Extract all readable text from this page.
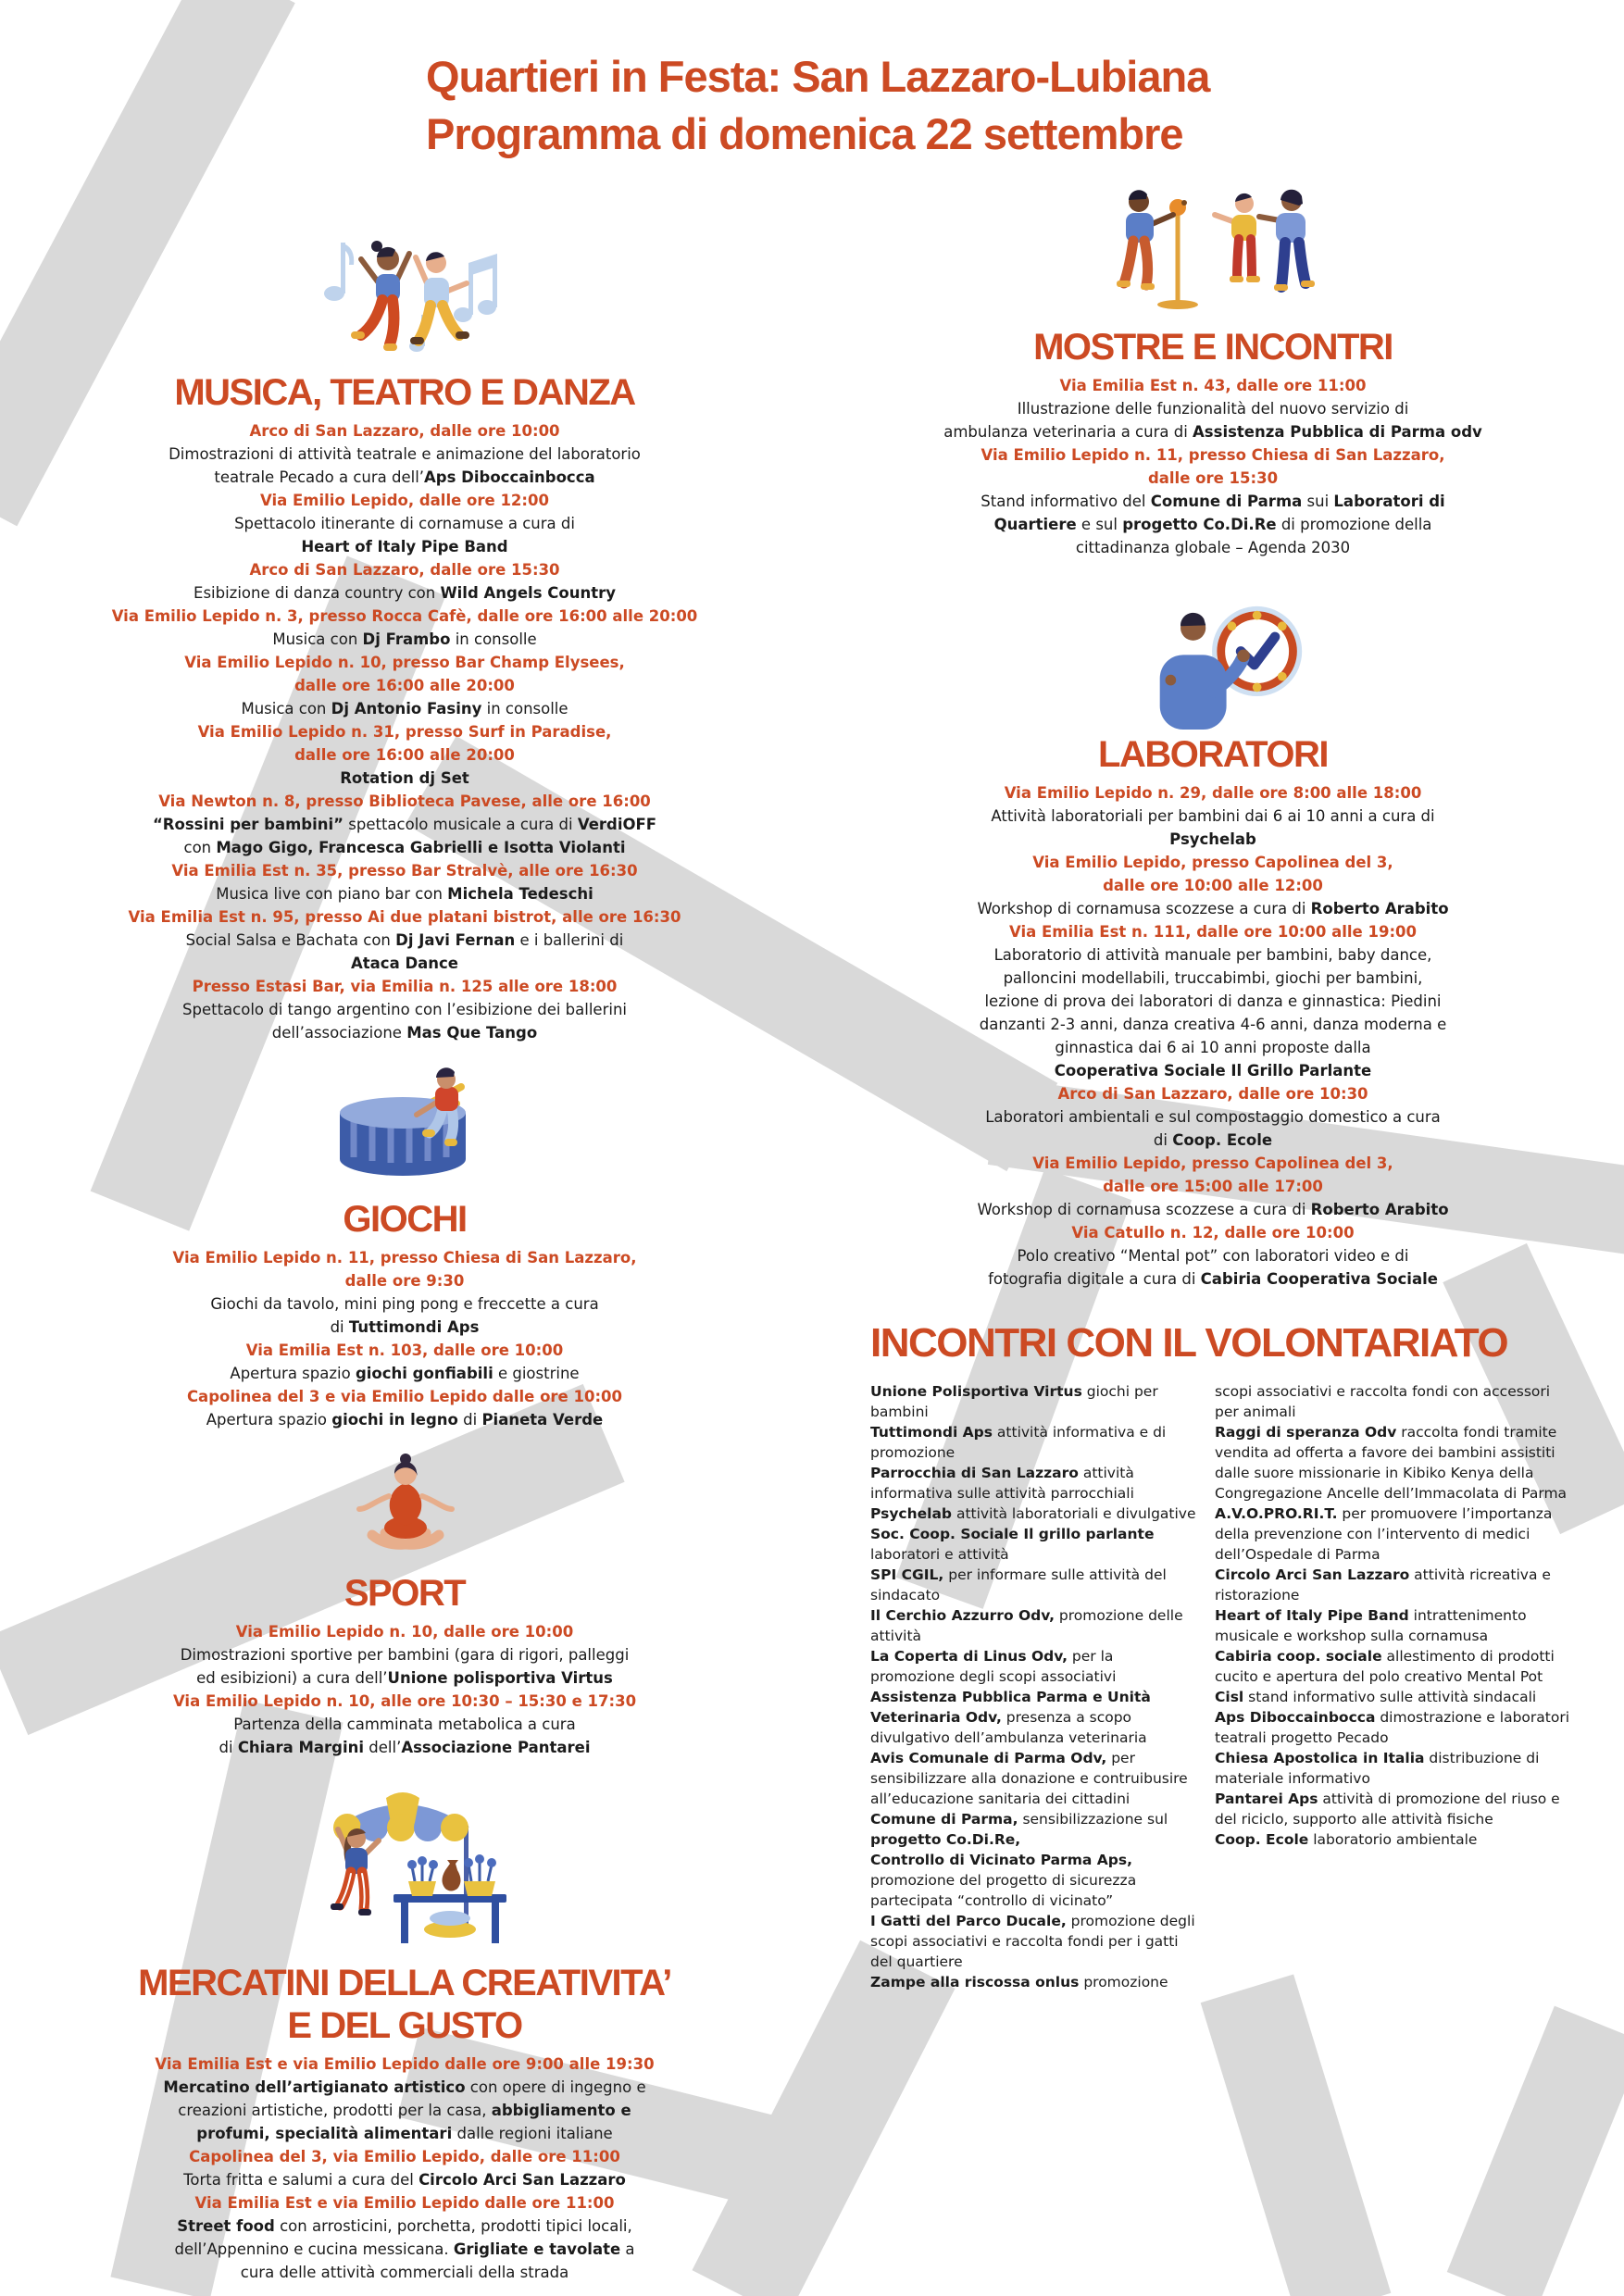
Quartieri in Festa: San Lazzaro-Lubiana
Programma di domenica 22 settembre
MUSICA, TEATRO E DANZA
Arco di San Lazzaro, dalle ore 10:00
Dimostrazioni di attività teatrale e animazione del laboratorio
teatrale Pecado a cura dell’Aps Diboccainbocca
Via Emilio Lepido, dalle ore 12:00
Spettacolo itinerante di cornamuse a cura di
Heart of Italy Pipe Band
Arco di San Lazzaro, dalle ore 15:30
Esibizione di danza country con Wild Angels Country
Via Emilio Lepido n. 3, presso Rocca Cafè, dalle ore 16:00 alle 20:00
Musica con Dj Frambo in consolle
Via Emilio Lepido n. 10, presso Bar Champ Elysees,
dalle ore 16:00 alle 20:00
Musica con Dj Antonio Fasiny in consolle
Via Emilio Lepido n. 31, presso Surf in Paradise,
dalle ore 16:00 alle 20:00
Rotation dj Set
Via Newton n. 8, presso Biblioteca Pavese, alle ore 16:00
“Rossini per bambini” spettacolo musicale a cura di VerdiOFF
con Mago Gigo, Francesca Gabrielli e Isotta Violanti
Via Emilia Est n. 35, presso Bar Stralvè, alle ore 16:30
Musica live con piano bar con Michela Tedeschi
Via Emilia Est n. 95, presso Ai due platani bistrot, alle ore 16:30
Social Salsa e Bachata con Dj Javi Fernan e i ballerini di
Ataca Dance
Presso Estasi Bar, via Emilia n. 125 alle ore 18:00
Spettacolo di tango argentino con l’esibizione dei ballerini
dell’associazione Mas Que Tango
GIOCHI
Via Emilio Lepido n. 11, presso Chiesa di San Lazzaro,
dalle ore 9:30
Giochi da tavolo, mini ping pong e freccette a cura
di Tuttimondi Aps
Via Emilia Est n. 103, dalle ore 10:00
Apertura spazio giochi gonfiabili e giostrine
Capolinea del 3 e via Emilio Lepido dalle ore 10:00
Apertura spazio giochi in legno di Pianeta Verde
SPORT
Via Emilio Lepido n. 10, dalle ore 10:00
Dimostrazioni sportive per bambini (gara di rigori, palleggi
ed esibizioni) a cura dell’Unione polisportiva Virtus
Via Emilio Lepido n. 10, alle ore 10:30 – 15:30 e 17:30
Partenza della camminata metabolica a cura
di Chiara Margini dell’Associazione Pantarei
MERCATINI DELLA CREATIVITA’
E DEL GUSTO
Via Emilia Est e via Emilio Lepido dalle ore 9:00 alle 19:30
Mercatino dell’artigianato artistico con opere di ingegno e
creazioni artistiche, prodotti per la casa, abbigliamento e
profumi, specialità alimentari dalle regioni italiane
Capolinea del 3, via Emilio Lepido, dalle ore 11:00
Torta fritta e salumi a cura del Circolo Arci San Lazzaro
Via Emilia Est e via Emilio Lepido dalle ore 11:00
Street food con arrosticini, porchetta, prodotti tipici locali,
dell’Appennino e cucina messicana. Grigliate e tavolate a
cura delle attività commerciali della strada
MOSTRE E INCONTRI
Via Emilia Est n. 43, dalle ore 11:00
Illustrazione delle funzionalità del nuovo servizio di
ambulanza veterinaria a cura di Assistenza Pubblica di Parma odv
Via Emilio Lepido n. 11, presso Chiesa di San Lazzaro,
dalle ore 15:30
Stand informativo del Comune di Parma sui Laboratori di
Quartiere e sul progetto Co.Di.Re di promozione della
cittadinanza globale – Agenda 2030
LABORATORI
Via Emilio Lepido n. 29, dalle ore 8:00 alle 18:00
Attività laboratoriali per bambini dai 6 ai 10 anni a cura di
Psychelab
Via Emilio Lepido, presso Capolinea del 3,
dalle ore 10:00 alle 12:00
Workshop di cornamusa scozzese a cura di Roberto Arabito
Via Emilia Est n. 111, dalle ore 10:00 alle 19:00
Laboratorio di attività manuale per bambini, baby dance,
palloncini modellabili, truccabimbi, giochi per bambini,
lezione di prova dei laboratori di danza e ginnastica: Piedini
danzanti 2-3 anni, danza creativa 4-6 anni, danza moderna e
ginnastica dai 6 ai 10 anni proposte dalla
Cooperativa Sociale Il Grillo Parlante
Arco di San Lazzaro, dalle ore 10:30
Laboratori ambientali e sul compostaggio domestico a cura
di Coop. Ecole
Via Emilio Lepido, presso Capolinea del 3,
dalle ore 15:00 alle 17:00
Workshop di cornamusa scozzese a cura di Roberto Arabito
Via Catullo n. 12, dalle ore 10:00
Polo creativo “Mental pot” con laboratori video e di
fotografia digitale a cura di Cabiria Cooperativa Sociale
INCONTRI CON IL VOLONTARIATO

Unione Polisportiva Virtus giochi per bambini

Tuttimondi Aps attività informativa e di promozione

Parrocchia di San Lazzaro attività informativa sulle attività parrocchiali

Psychelab attività laboratoriali e divulgative

Soc. Coop. Sociale Il grillo parlante laboratori e attività

SPI CGIL, per informare sulle attività del sindacato

Il Cerchio Azzurro Odv, promozione delle attività

La Coperta di Linus Odv, per la promozione degli scopi associativi

Assistenza Pubblica Parma e Unità Veterinaria Odv, presenza a scopo divulgativo dell’ambulanza veterinaria

Avis Comunale di Parma Odv, per sensibilizzare alla donazione e contruibusire all’educazione sanitaria dei cittadini

Comune di Parma, sensibilizzazione sul progetto Co.Di.Re,

Controllo di Vicinato Parma Aps, promozione del progetto di sicurezza partecipata “controllo di vicinato”

I Gatti del Parco Ducale, promozione degli scopi associativi e raccolta fondi per i gatti del quartiere

Zampe alla riscossa onlus promozione

scopi associativi e raccolta fondi con accessori per animali

Raggi di speranza Odv raccolta fondi tramite vendita ad offerta a favore dei bambini assistiti dalle suore missionarie in Kibiko Kenya della Congregazione Ancelle dell’Immacolata di Parma

A.V.O.PRO.RI.T. per promuovere l’importanza della prevenzione con l’intervento di medici dell’Ospedale di Parma

Circolo Arci San Lazzaro attività ricreativa e ristorazione

Heart of Italy Pipe Band intrattenimento musicale e workshop sulla cornamusa

Cabiria coop. sociale allestimento di prodotti cucito e apertura del polo creativo Mental Pot

Cisl stand informativo sulle attività sindacali

Aps Diboccainbocca dimostrazione e laboratori teatrali progetto Pecado

Chiesa Apostolica in Italia distribuzione di materiale informativo

Pantarei Aps attività di promozione del riuso e del riciclo, supporto alle attività fisiche

Coop. Ecole laboratorio ambientale
